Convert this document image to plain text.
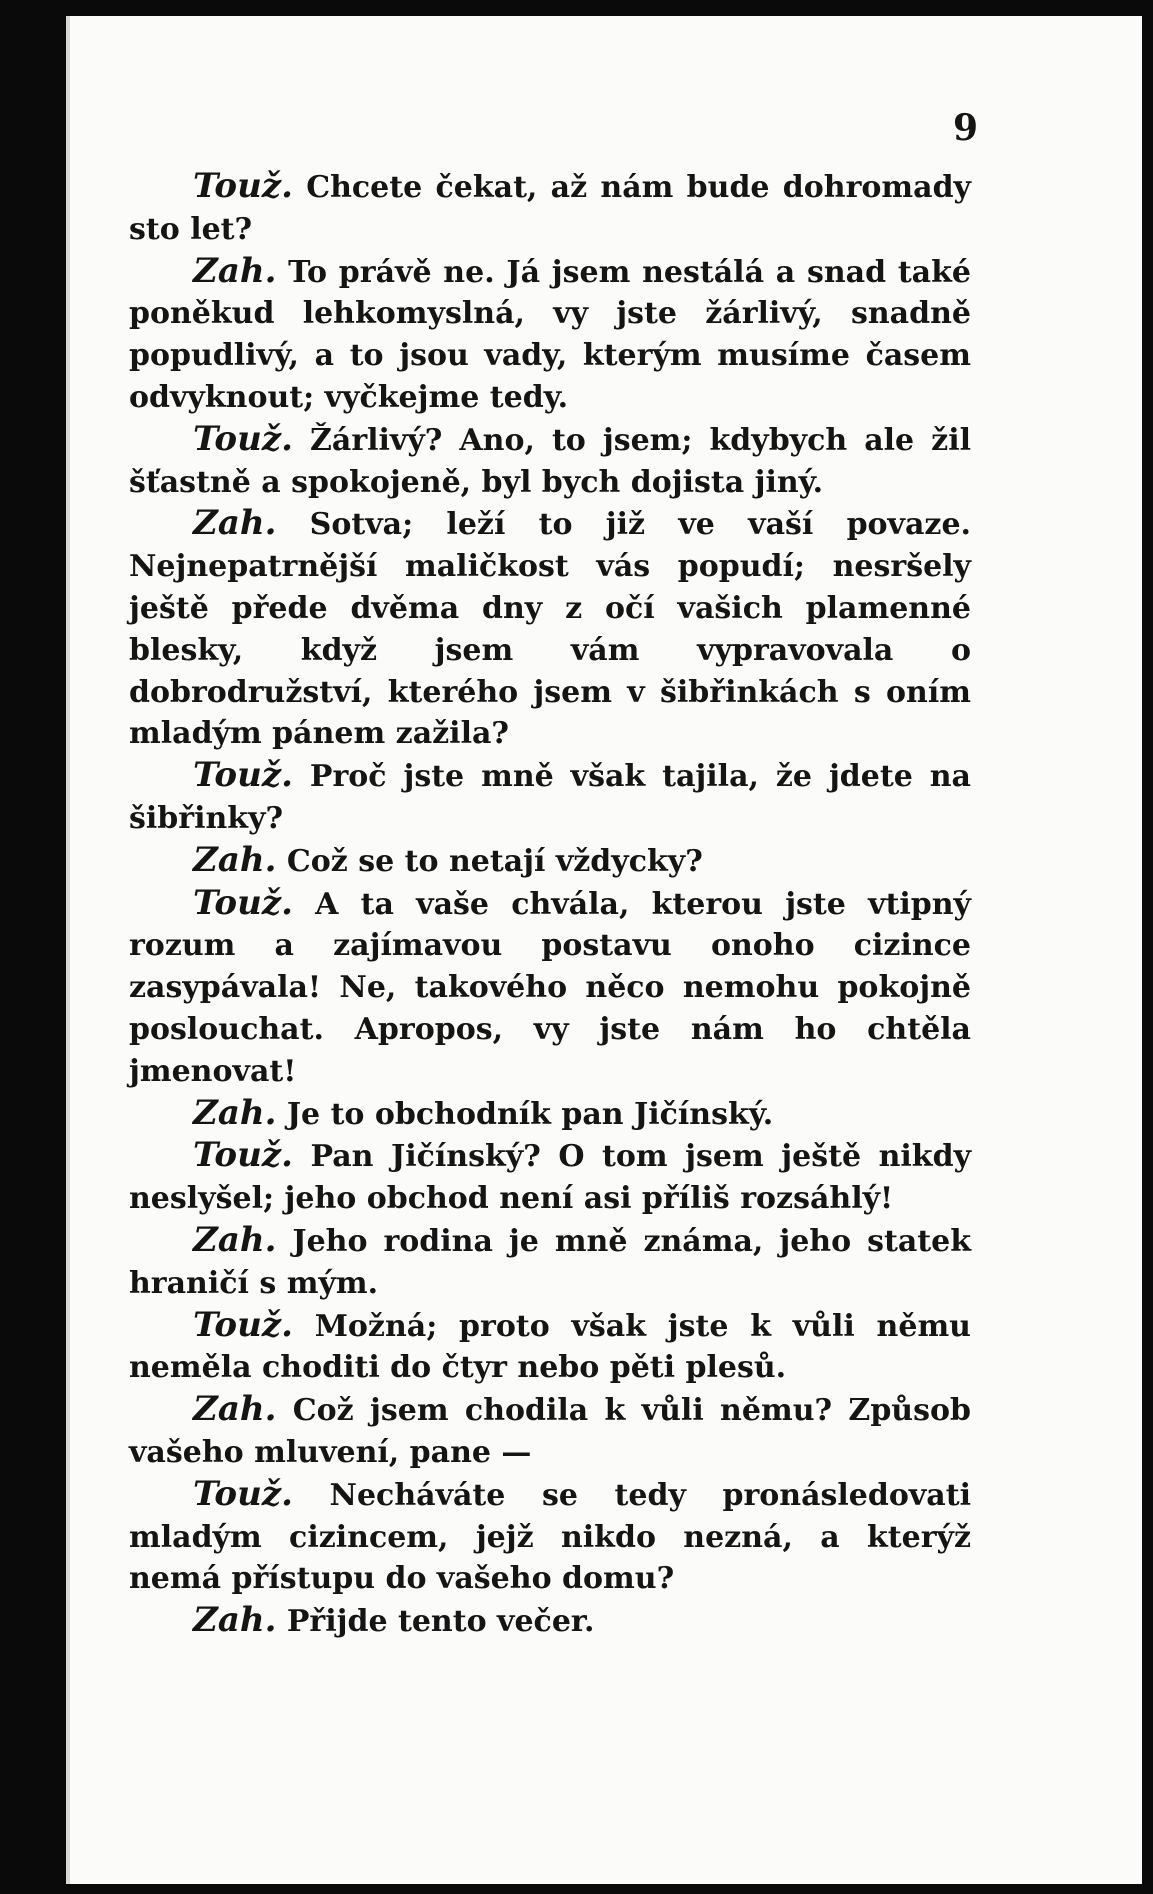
9

Touž. Chcete čekat, až nám bude dohromady sto let?

Zah. To právě ne. Já jsem nestálá a snad také poněkud lehkomyslná, vy jste žárlivý, snadně popudlivý, a to jsou vady, kterým musíme časem odvyknout; vyčkejme tedy.

Touž. Žárlivý? Ano, to jsem; kdybych ale žil šťastně a spokojeně, byl bych dojista jiný.

Zah. Sotva; leží to již ve vaší povaze. Nejnepatrnější maličkost vás popudí; nesršely ještě přede dvěma dny z očí vašich plamenné blesky, když jsem vám vypravovala o dobrodružství, kterého jsem v šibřinkách s oním mladým pánem zažila?

Touž. Proč jste mně však tajila, že jdete na šibřinky?

Zah. Což se to netají vždycky?

Touž. A ta vaše chvála, kterou jste vtipný rozum a zajímavou postavu onoho cizince zasypávala! Ne, takového něco nemohu pokojně poslouchat. Apropos, vy jste nám ho chtěla jmenovat!

Zah. Je to obchodník pan Jičínský.

Touž. Pan Jičínský? O tom jsem ještě nikdy neslyšel; jeho obchod není asi příliš rozsáhlý!

Zah. Jeho rodina je mně známa, jeho statek hraničí s mým.

Touž. Možná; proto však jste k vůli němu neměla choditi do čtyr nebo pěti plesů.

Zah. Což jsem chodila k vůli němu? Způsob vašeho mluvení, pane —

Touž. Necháváte se tedy pronásledovati mladým cizincem, jejž nikdo nezná, a kterýž nemá přístupu do vašeho domu?

Zah. Přijde tento večer.
